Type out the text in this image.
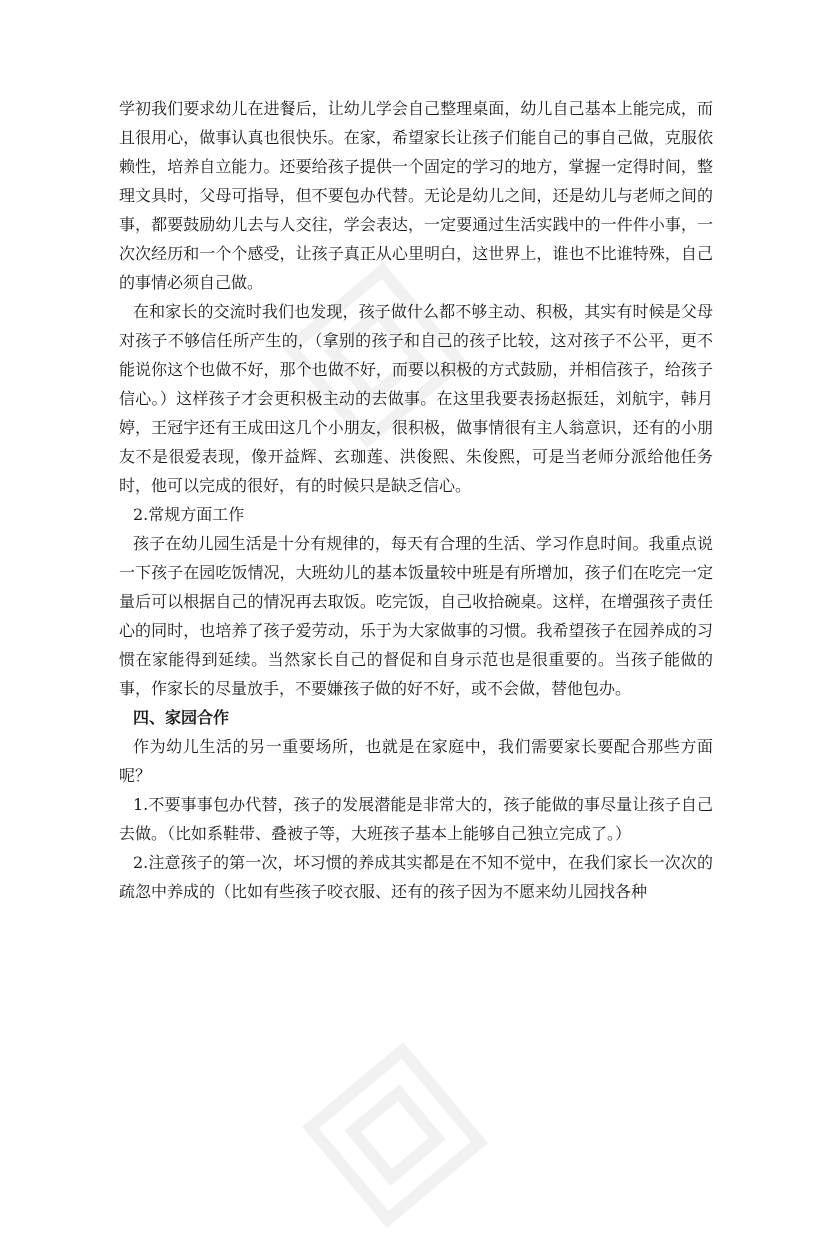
学初我们要求幼儿在进餐后，让幼儿学会自己整理桌面，幼儿自己基本上能完成，而且很用心，做事认真也很快乐。在家，希望家长让孩子们能自己的事自己做，克服依赖性，培养自立能力。还要给孩子提供一个固定的学习的地方，掌握一定得时间，整理文具时，父母可指导，但不要包办代替。无论是幼儿之间，还是幼儿与老师之间的事，都要鼓励幼儿去与人交往，学会表达，一定要通过生活实践中的一件件小事，一次次经历和一个个感受，让孩子真正从心里明白，这世界上，谁也不比谁特殊，自己的事情必须自己做。

在和家长的交流时我们也发现，孩子做什么都不够主动、积极，其实有时候是父母对孩子不够信任所产生的，（拿别的孩子和自己的孩子比较，这对孩子不公平，更不能说你这个也做不好，那个也做不好，而要以积极的方式鼓励，并相信孩子，给孩子信心。）这样孩子才会更积极主动的去做事。在这里我要表扬赵振廷，刘航宇，韩月婷，王冠宇还有王成田这几个小朋友，很积极，做事情很有主人翁意识，还有的小朋友不是很爱表现，像开益辉、玄珈莲、洪俊熙、朱俊熙，可是当老师分派给他任务时，他可以完成的很好，有的时候只是缺乏信心。

2.常规方面工作

孩子在幼儿园生活是十分有规律的，每天有合理的生活、学习作息时间。我重点说一下孩子在园吃饭情况，大班幼儿的基本饭量较中班是有所增加，孩子们在吃完一定量后可以根据自己的情况再去取饭。吃完饭，自己收拾碗桌。这样，在增强孩子责任心的同时，也培养了孩子爱劳动，乐于为大家做事的习惯。我希望孩子在园养成的习惯在家能得到延续。当然家长自己的督促和自身示范也是很重要的。当孩子能做的事，作家长的尽量放手，不要嫌孩子做的好不好，或不会做，替他包办。

四、家园合作

作为幼儿生活的另一重要场所，也就是在家庭中，我们需要家长要配合那些方面呢？

1.不要事事包办代替，孩子的发展潜能是非常大的，孩子能做的事尽量让孩子自己去做。（比如系鞋带、叠被子等，大班孩子基本上能够自己独立完成了。）

2.注意孩子的第一次，坏习惯的养成其实都是在不知不觉中，在我们家长一次次的疏忽中养成的（比如有些孩子咬衣服、还有的孩子因为不愿来幼儿园找各种
